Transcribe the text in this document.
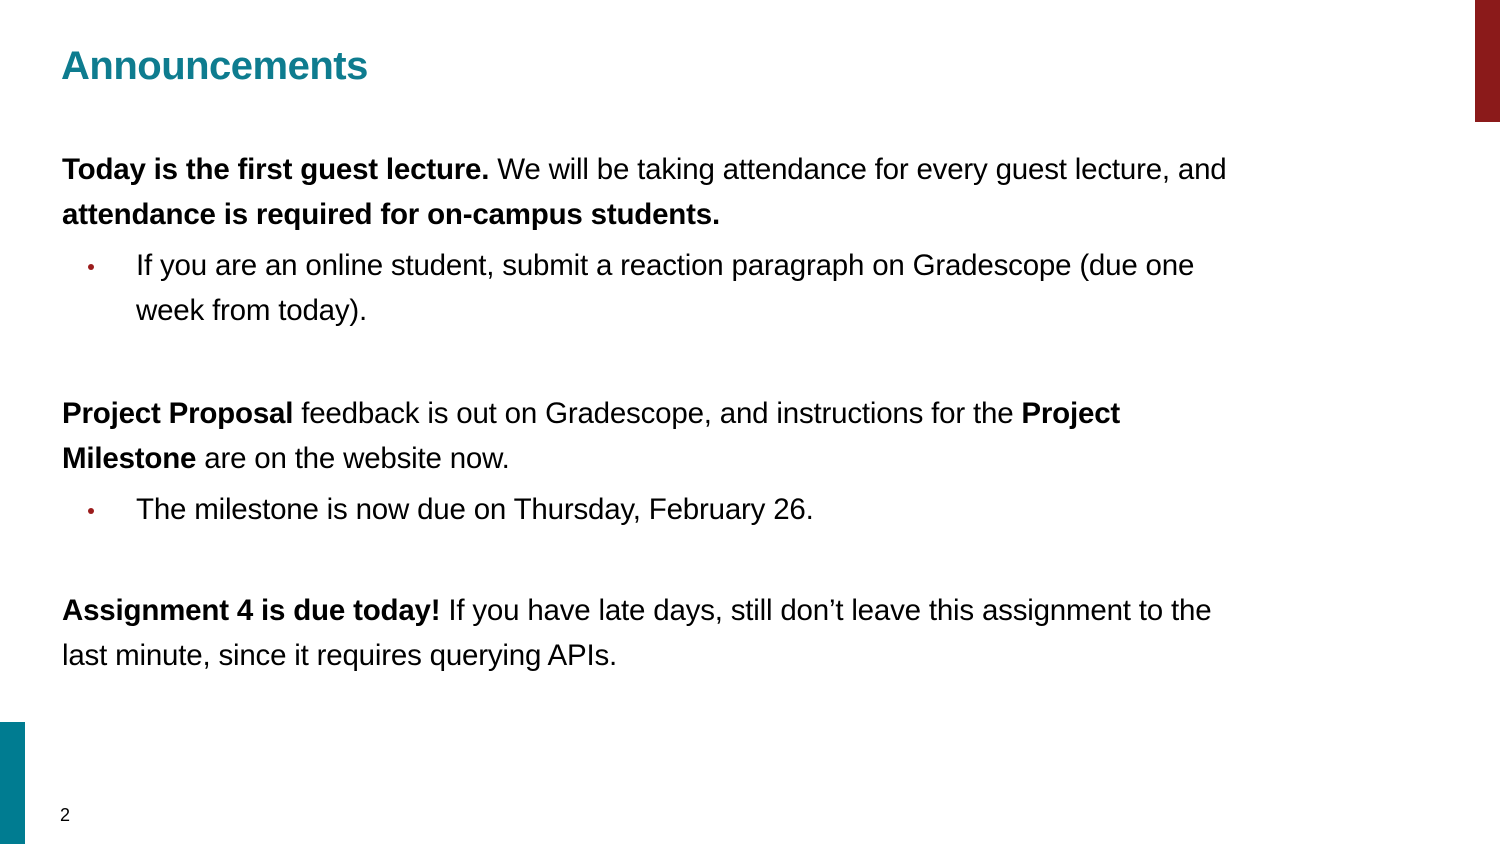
Announcements
Today is the first guest lecture. We will be taking attendance for every guest lecture, and
attendance is required for on-campus students.
If you are an online student, submit a reaction paragraph on Gradescope (due one
week from today).
Project Proposal feedback is out on Gradescope, and instructions for the Project
Milestone are on the website now.
The milestone is now due on Thursday, February 26.
Assignment 4 is due today! If you have late days, still don’t leave this assignment to the
last minute, since it requires querying APIs.
2
